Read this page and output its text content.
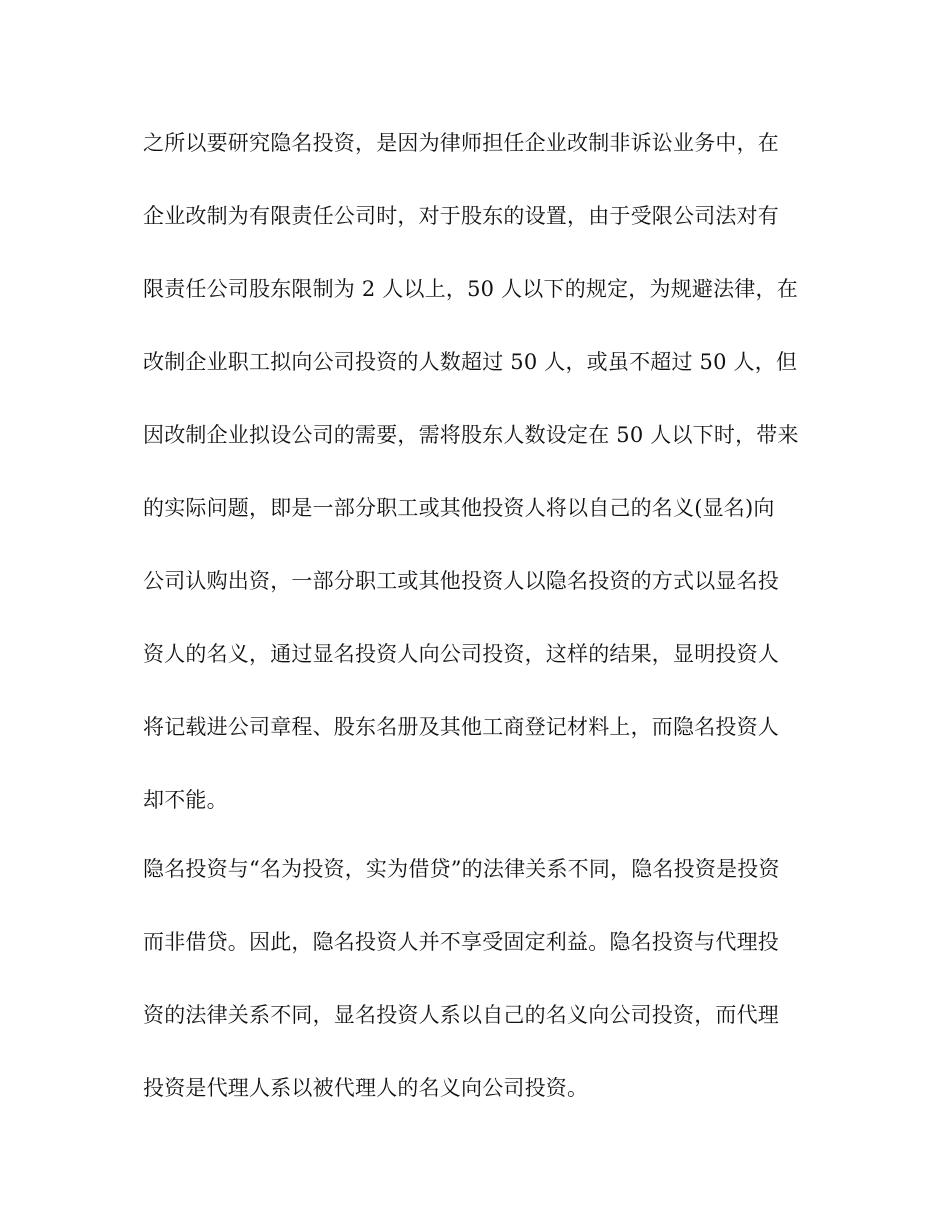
之所以要研究隐名投资，是因为律师担任企业改制非诉讼业务中，在
企业改制为有限责任公司时，对于股东的设置，由于受限公司法对有
限责任公司股东限制为 2 人以上，50 人以下的规定，为规避法律，在
改制企业职工拟向公司投资的人数超过 50 人，或虽不超过 50 人，但
因改制企业拟设公司的需要，需将股东人数设定在 50 人以下时，带来
的实际问题，即是一部分职工或其他投资人将以自己的名义(显名)向
公司认购出资，一部分职工或其他投资人以隐名投资的方式以显名投
资人的名义，通过显名投资人向公司投资，这样的结果，显明投资人
将记载进公司章程、股东名册及其他工商登记材料上，而隐名投资人
却不能。
隐名投资与“名为投资，实为借贷”的法律关系不同，隐名投资是投资
而非借贷。因此，隐名投资人并不享受固定利益。隐名投资与代理投
资的法律关系不同，显名投资人系以自己的名义向公司投资，而代理
投资是代理人系以被代理人的名义向公司投资。
